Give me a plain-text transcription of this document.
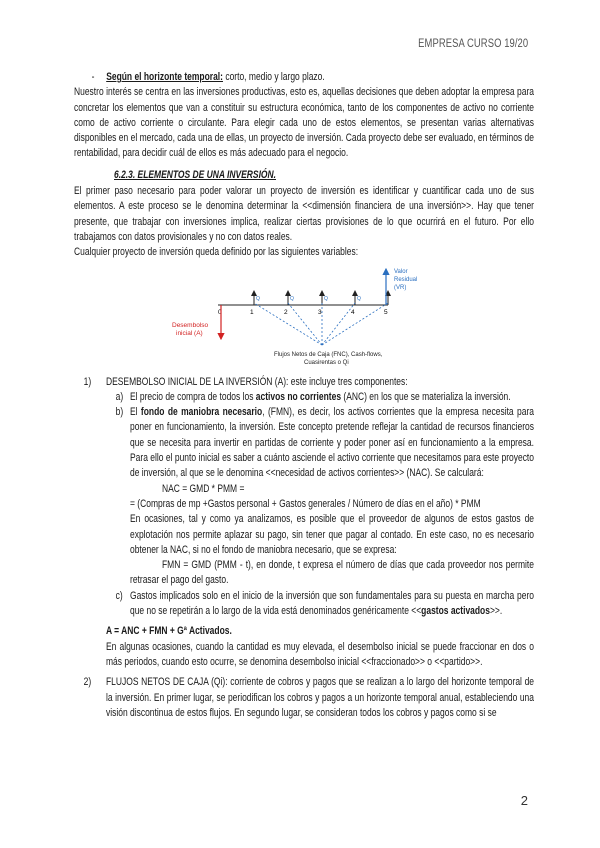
EMPRESA CURSO 19/20
- Según el horizonte temporal: corto, medio y largo plazo.

Nuestro interés se centra en las inversiones productivas, esto es, aquellas decisiones que deben adoptar la empresa para concretar los elementos que van a constituir su estructura económica, tanto de los componentes de activo no corriente como de activo corriente o circulante. Para elegir cada uno de estos elementos, se presentan varias alternativas disponibles en el mercado, cada una de ellas, un proyecto de inversión. Cada proyecto debe ser evaluado, en términos de rentabilidad, para decidir cuál de ellos es más adecuado para el negocio.

6.2.3. ELEMENTOS DE UNA INVERSIÓN.

El primer paso necesario para poder valorar un proyecto de inversión es identificar y cuantificar cada uno de sus elementos. A este proceso se le denomina determinar la <<dimensión financiera de una inversión>>. Hay que tener presente, que trabajar con inversiones implica, realizar ciertas provisiones de lo que ocurrirá en el futuro. Por ello trabajamos con datos provisionales y no con datos reales.

Cualquier proyecto de inversión queda definido por las siguientes variables:

0	1	2	3	4	5
Q	Q	Q	Q
Desembolso
inicial (A)
Valor
Residual
(VR)
Flujos Netos de Caja (FNC), Cash-flows,
Cuasirentas o Qi
1) DESEMBOLSO INICIAL DE LA INVERSIÓN (A): este incluye tres componentes:
a) El precio de compra de todos los activos no corrientes (ANC) en los que se materializa la inversión.

b) El fondo de maniobra necesario, (FMN), es decir, los activos corrientes que la empresa necesita para poner en funcionamiento, la inversión. Este concepto pretende reflejar la cantidad de recursos financieros que se necesita para invertir en partidas de corriente y poder poner así en funcionamiento a la empresa. Para ello el punto inicial es saber a cuánto asciende el activo corriente que necesitamos para este proyecto de inversión, al que se le denomina <<necesidad de activos corrientes>> (NAC). Se calculará:

NAC = GMD * PMM =
= (Compras de mp +Gastos personal + Gastos generales / Número de días en el año) * PMM

En ocasiones, tal y como ya analizamos, es posible que el proveedor de algunos de estos gastos de explotación nos permite aplazar su pago, sin tener que pagar al contado. En este caso, no es necesario obtener la NAC, si no el fondo de maniobra necesario, que se expresa:

FMN = GMD (PMM - t), en donde, t expresa el número de días que cada proveedor nos permite retrasar el pago del gasto.

c) Gastos implicados solo en el inicio de la inversión que son fundamentales para su puesta en marcha pero que no se repetirán a lo largo de la vida está denominados genéricamente <<gastos activados>>.

A = ANC + FMN + Gª Activados.

En algunas ocasiones, cuando la cantidad es muy elevada, el desembolso inicial se puede fraccionar en dos o más periodos, cuando esto ocurre, se denomina desembolso inicial <<fraccionado>> o <<partido>>.

2) FLUJOS NETOS DE CAJA (Qi): corriente de cobros y pagos que se realizan a lo largo del horizonte temporal de la inversión. En primer lugar, se periodifican los cobros y pagos a un horizonte temporal anual, estableciendo una visión discontinua de estos flujos. En segundo lugar, se consideran todos los cobros y pagos como si se

2
